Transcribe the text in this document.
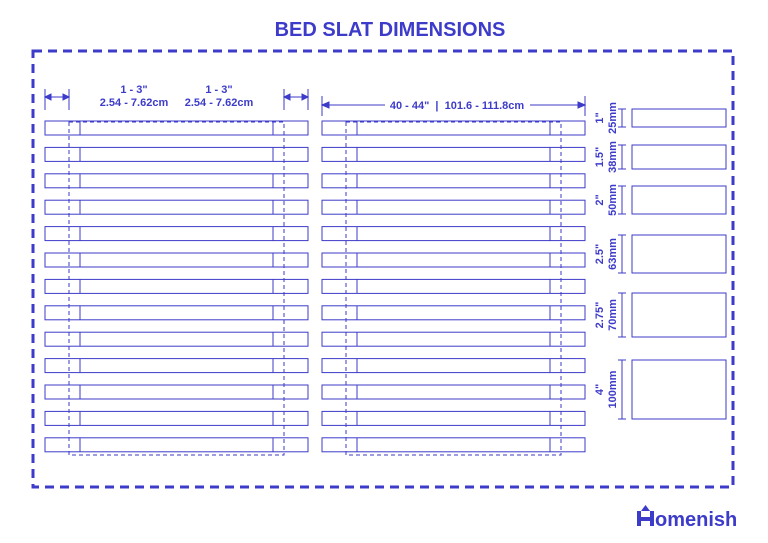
BED SLAT DIMENSIONS
1 - 3"
2.54 - 7.62cm
1 - 3"
2.54 - 7.62cm	40 - 44"  |  101.6 - 111.8cm
1" 25mm
1.5" 38mm
2" 50mm
2.5" 63mm
2.75" 70mm
4" 100mm
omenish
